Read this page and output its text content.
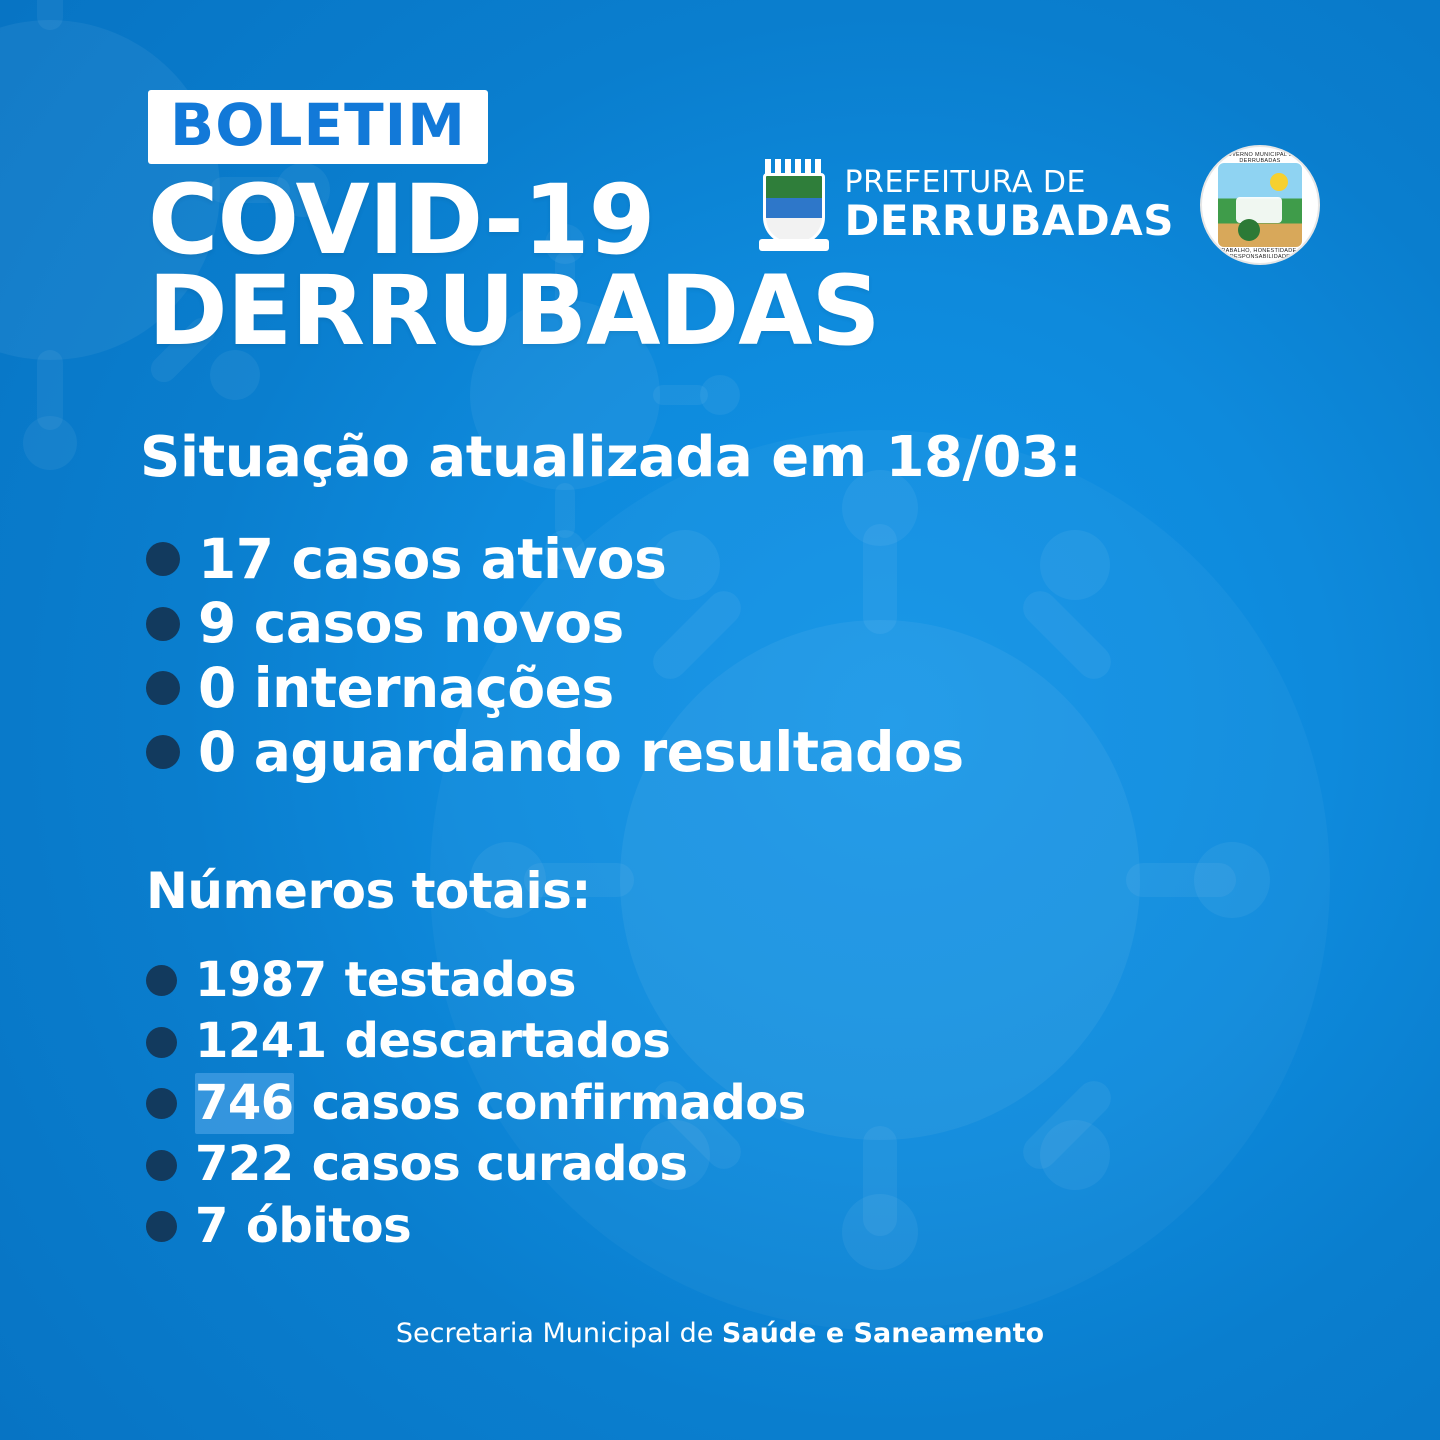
BOLETIM
COVID-19
DERRUBADAS
PREFEITURA DE
DERRUBADAS
GOVERNO MUNICIPAL DE DERRUBADAS
TRABALHO, HONESTIDADE E RESPONSABILIDADE
Situação atualizada em 18/03:
17 casos ativos
9 casos novos
0 internações
0 aguardando resultados
Números totais:
1987 testados
1241 descartados
746 casos confirmados
722 casos curados
7 óbitos
Secretaria Municipal de Saúde e Saneamento
